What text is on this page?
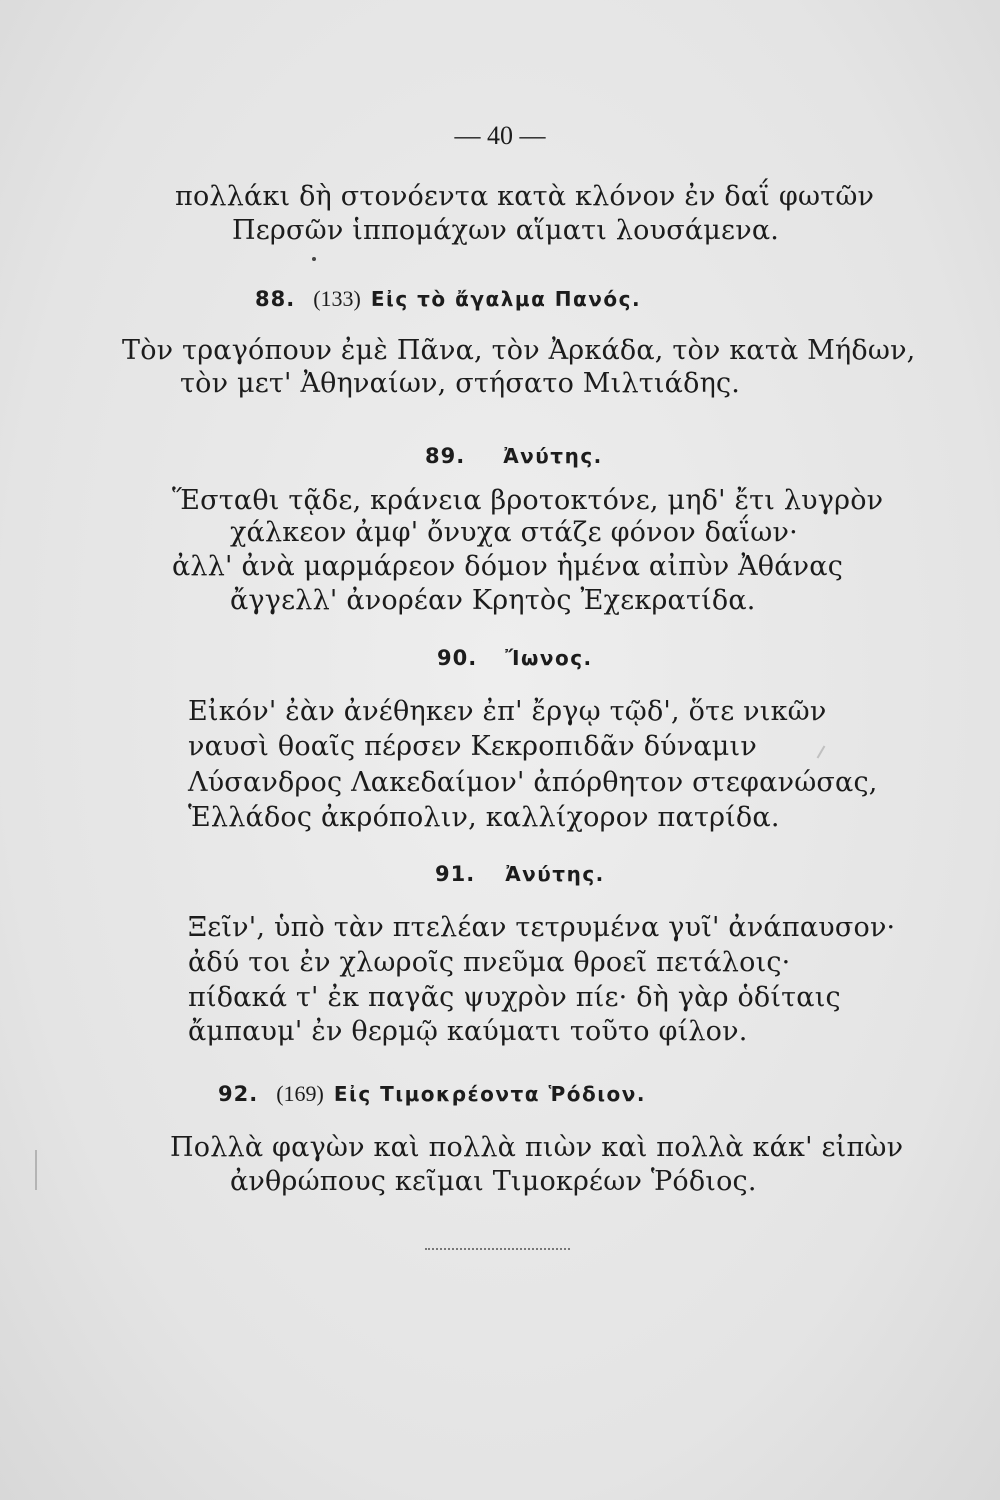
— 40 —
πολλάκι δὴ στονόεντα κατὰ κλόνον ἐν δαΐ φωτῶν
Περσῶν ἱππομάχων αἵματι λουσάμενα.
88. (133) Εἰς τὸ ἄγαλμα Πανός.
Τὸν τραγόπουν ἐμὲ Πᾶνα, τὸν Ἀρκάδα, τὸν κατὰ Μήδων,
τὸν μετ' Ἀθηναίων, στήσατο Μιλτιάδης.
89. Ἀνύτης.
Ἕσταθι τᾷδε, κράνεια βροτοκτόνε, μηδ' ἔτι λυγρὸν
χάλκεον ἀμφ' ὄνυχα στάζε φόνον δαΐων·
ἀλλ' ἀνὰ μαρμάρεον δόμον ἡμένα αἰπὺν Ἀθάνας
ἄγγελλ' ἀνορέαν Κρητὸς Ἐχεκρατίδα.
90. Ἴωνος.
Εἰκόν' ἐὰν ἀνέθηκεν ἐπ' ἔργῳ τῷδ', ὅτε νικῶν
ναυσὶ θοαῖς πέρσεν Κεκροπιδᾶν δύναμιν
Λύσανδρος Λακεδαίμον' ἀπόρθητον στεφανώσας,
Ἑλλάδος ἀκρόπολιν, καλλίχορον πατρίδα.
91. Ἀνύτης.
Ξεῖν', ὑπὸ τὰν πτελέαν τετρυμένα γυῖ' ἀνάπαυσον·
ἀδύ τοι ἐν χλωροῖς πνεῦμα θροεῖ πετάλοις·
πίδακά τ' ἐκ παγᾶς ψυχρὸν πίε· δὴ γὰρ ὁδίταις
ἄμπαυμ' ἐν θερμῷ καύματι τοῦτο φίλον.
92. (169) Εἰς Τιμοκρέοντα Ῥόδιον.
Πολλὰ φαγὼν καὶ πολλὰ πιὼν καὶ πολλὰ κάκ' εἰπὼν
ἀνθρώπους κεῖμαι Τιμοκρέων Ῥόδιος.
